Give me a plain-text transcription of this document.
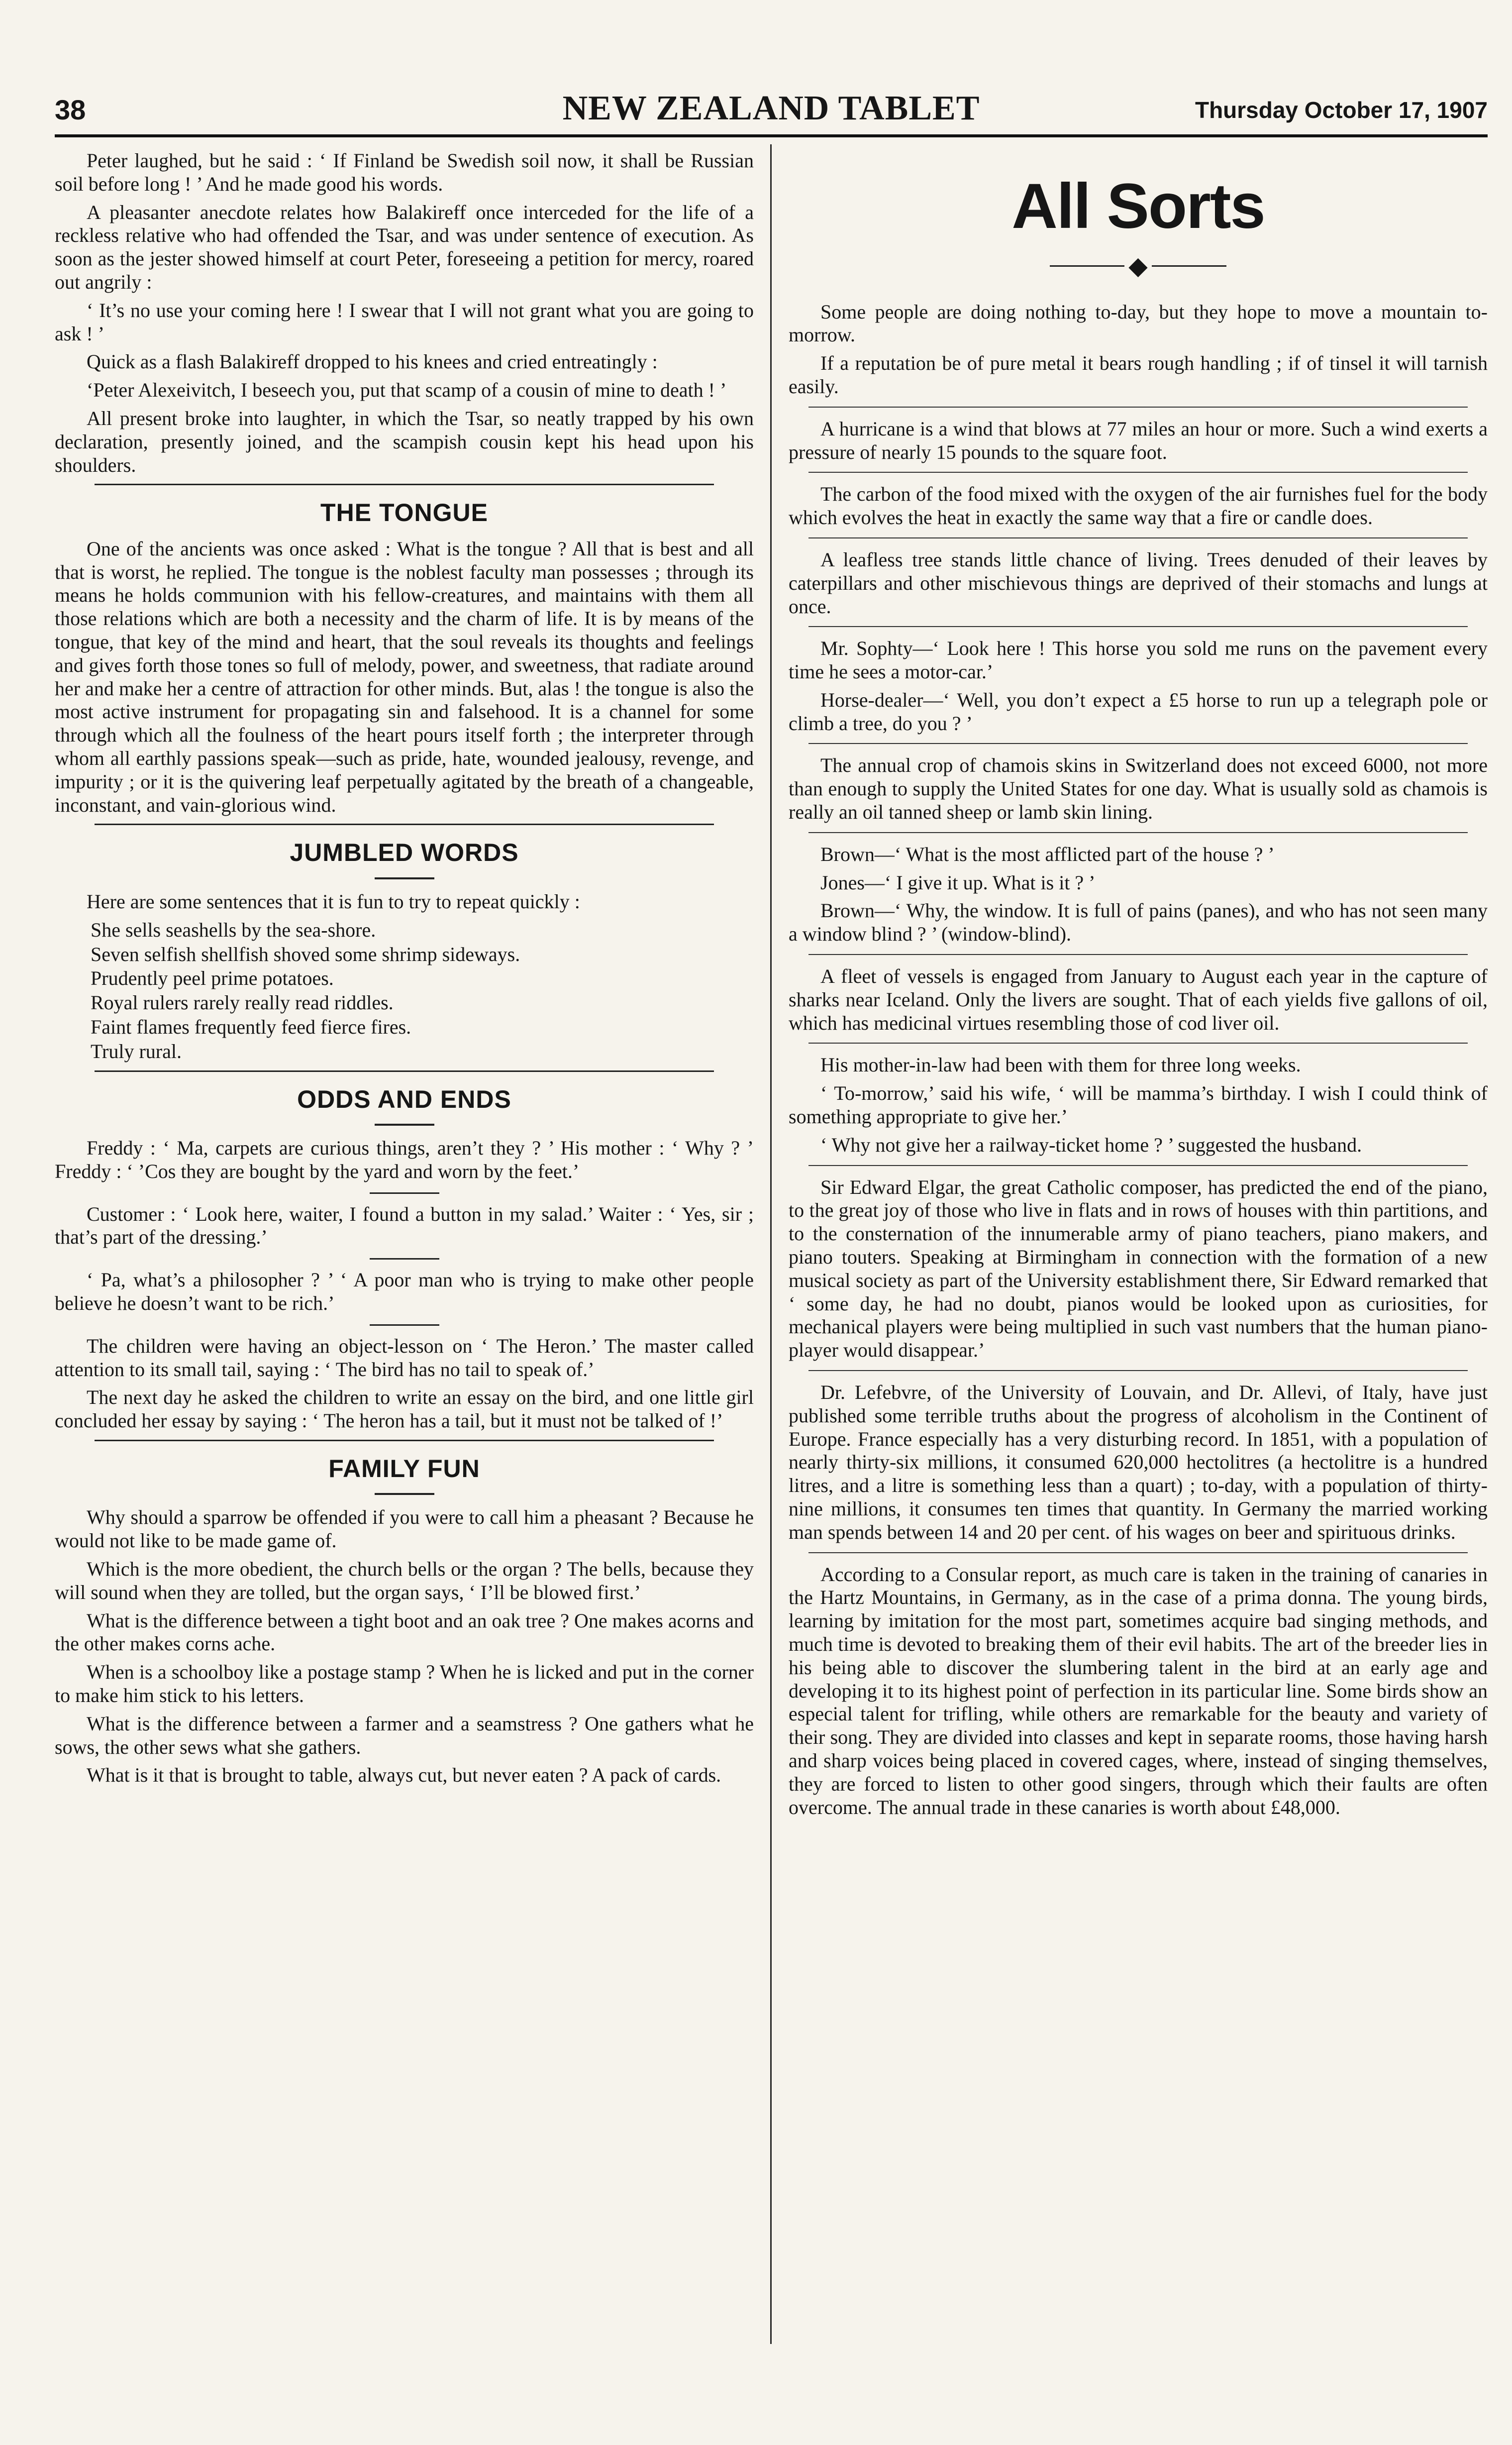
38	NEW ZEALAND TABLET	Thursday October 17, 1907

Peter laughed, but he said : ‘ If Finland be Swedish soil now, it shall be Russian soil before long ! ’ And he made good his words.

A pleasanter anecdote relates how Balakireff once interceded for the life of a reckless relative who had offended the Tsar, and was under sentence of execution. As soon as the jester showed himself at court Peter, foreseeing a petition for mercy, roared out angrily :

‘ It’s no use your coming here ! I swear that I will not grant what you are going to ask ! ’

Quick as a flash Balakireff dropped to his knees and cried entreatingly :

‘Peter Alexeivitch, I beseech you, put that scamp of a cousin of mine to death ! ’

All present broke into laughter, in which the Tsar, so neatly trapped by his own declaration, presently joined, and the scampish cousin kept his head upon his shoulders.

THE TONGUE

One of the ancients was once asked : What is the tongue ? All that is best and all that is worst, he replied. The tongue is the noblest faculty man possesses ; through its means he holds communion with his fellow-creatures, and maintains with them all those relations which are both a necessity and the charm of life. It is by means of the tongue, that key of the mind and heart, that the soul reveals its thoughts and feelings and gives forth those tones so full of melody, power, and sweetness, that radiate around her and make her a centre of attraction for other minds. But, alas ! the tongue is also the most active instrument for propagating sin and falsehood. It is a channel for some through which all the foulness of the heart pours itself forth ; the interpreter through whom all earthly passions speak—such as pride, hate, wounded jealousy, revenge, and impurity ; or it is the quivering leaf perpetually agitated by the breath of a changeable, inconstant, and vain-glorious wind.

JUMBLED WORDS

Here are some sentences that it is fun to try to repeat quickly :

She sells seashells by the sea-shore.
Seven selfish shellfish shoved some shrimp sideways.
Prudently peel prime potatoes.
Royal rulers rarely really read riddles.
Faint flames frequently feed fierce fires.
Truly rural.
ODDS AND ENDS

Freddy : ‘ Ma, carpets are curious things, aren’t they ? ’ His mother : ‘ Why ? ’ Freddy : ‘ ’Cos they are bought by the yard and worn by the feet.’

Customer : ‘ Look here, waiter, I found a button in my salad.’ Waiter : ‘ Yes, sir ; that’s part of the dressing.’

‘ Pa, what’s a philosopher ? ’ ‘ A poor man who is trying to make other people believe he doesn’t want to be rich.’

The children were having an object-lesson on ‘ The Heron.’ The master called attention to its small tail, saying : ‘ The bird has no tail to speak of.’

The next day he asked the children to write an essay on the bird, and one little girl concluded her essay by saying : ‘ The heron has a tail, but it must not be talked of !’

FAMILY FUN

Why should a sparrow be offended if you were to call him a pheasant ? Because he would not like to be made game of.

Which is the more obedient, the church bells or the organ ? The bells, because they will sound when they are tolled, but the organ says, ‘ I’ll be blowed first.’

What is the difference between a tight boot and an oak tree ? One makes acorns and the other makes corns ache.

When is a schoolboy like a postage stamp ? When he is licked and put in the corner to make him stick to his letters.

What is the difference between a farmer and a seamstress ? One gathers what he sows, the other sews what she gathers.

What is it that is brought to table, always cut, but never eaten ? A pack of cards.

All Sorts
◆

Some people are doing nothing to-day, but they hope to move a mountain to-morrow.

If a reputation be of pure metal it bears rough handling ; if of tinsel it will tarnish easily.

A hurricane is a wind that blows at 77 miles an hour or more. Such a wind exerts a pressure of nearly 15 pounds to the square foot.

The carbon of the food mixed with the oxygen of the air furnishes fuel for the body which evolves the heat in exactly the same way that a fire or candle does.

A leafless tree stands little chance of living. Trees denuded of their leaves by caterpillars and other mischievous things are deprived of their stomachs and lungs at once.

Mr. Sophty—‘ Look here ! This horse you sold me runs on the pavement every time he sees a motor-car.’

Horse-dealer—‘ Well, you don’t expect a £5 horse to run up a telegraph pole or climb a tree, do you ? ’

The annual crop of chamois skins in Switzerland does not exceed 6000, not more than enough to supply the United States for one day. What is usually sold as chamois is really an oil tanned sheep or lamb skin lining.

Brown—‘ What is the most afflicted part of the house ? ’

Jones—‘ I give it up. What is it ? ’

Brown—‘ Why, the window. It is full of pains (panes), and who has not seen many a window blind ? ’ (window-blind).

A fleet of vessels is engaged from January to August each year in the capture of sharks near Iceland. Only the livers are sought. That of each yields five gallons of oil, which has medicinal virtues resembling those of cod liver oil.

His mother-in-law had been with them for three long weeks.

‘ To-morrow,’ said his wife, ‘ will be mamma’s birthday. I wish I could think of something appropriate to give her.’

‘ Why not give her a railway-ticket home ? ’ suggested the husband.

Sir Edward Elgar, the great Catholic composer, has predicted the end of the piano, to the great joy of those who live in flats and in rows of houses with thin partitions, and to the consternation of the innumerable army of piano teachers, piano makers, and piano touters. Speaking at Birmingham in connection with the formation of a new musical society as part of the University establishment there, Sir Edward remarked that ‘ some day, he had no doubt, pianos would be looked upon as curiosities, for mechanical players were being multiplied in such vast numbers that the human piano-player would disappear.’

Dr. Lefebvre, of the University of Louvain, and Dr. Allevi, of Italy, have just published some terrible truths about the progress of alcoholism in the Continent of Europe. France especially has a very disturbing record. In 1851, with a population of nearly thirty-six millions, it consumed 620,000 hectolitres (a hectolitre is a hundred litres, and a litre is something less than a quart) ; to-day, with a population of thirty-nine millions, it consumes ten times that quantity. In Germany the married working man spends between 14 and 20 per cent. of his wages on beer and spirituous drinks.

According to a Consular report, as much care is taken in the training of canaries in the Hartz Mountains, in Germany, as in the case of a prima donna. The young birds, learning by imitation for the most part, sometimes acquire bad singing methods, and much time is devoted to breaking them of their evil habits. The art of the breeder lies in his being able to discover the slumbering talent in the bird at an early age and developing it to its highest point of perfection in its particular line. Some birds show an especial talent for trifling, while others are remarkable for the beauty and variety of their song. They are divided into classes and kept in separate rooms, those having harsh and sharp voices being placed in covered cages, where, instead of singing themselves, they are forced to listen to other good singers, through which their faults are often overcome. The annual trade in these canaries is worth about £48,000.
